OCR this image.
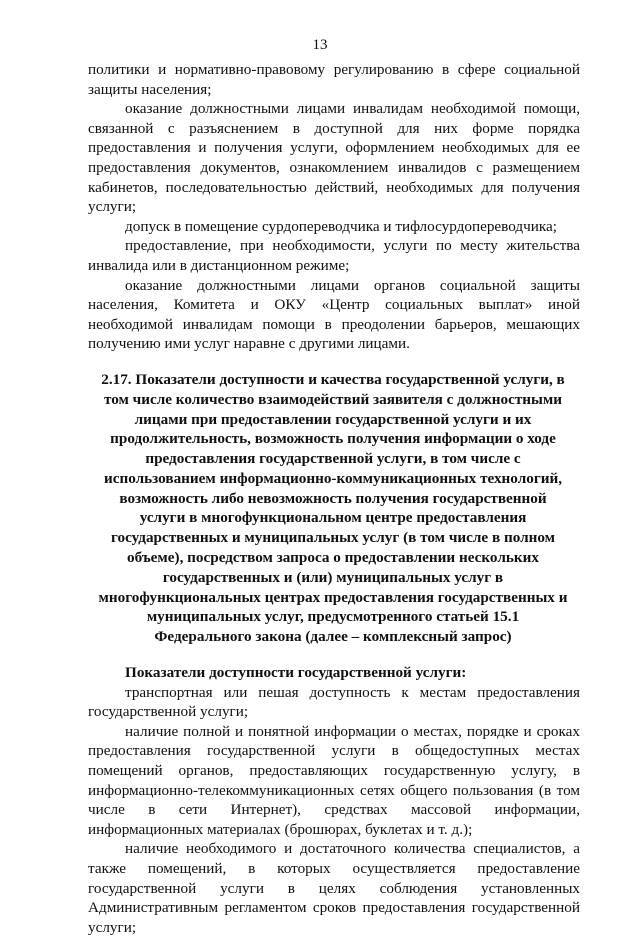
13

политики и нормативно-правовому регулированию в сфере социальной защиты населения;

оказание должностными лицами инвалидам необходимой помощи, связанной с разъяснением в доступной для них форме порядка предоставления и получения услуги, оформлением необходимых для ее предоставления документов, ознакомлением инвалидов с размещением кабинетов, последовательностью действий, необходимых для получения услуги;

допуск в помещение сурдопереводчика и тифлосурдопереводчика;

предоставление, при необходимости, услуги по месту жительства инвалида или в дистанционном режиме;

оказание должностными лицами органов социальной защиты населения, Комитета и ОКУ «Центр социальных выплат» иной необходимой инвалидам помощи в преодолении барьеров, мешающих получению ими услуг наравне с другими лицами.

2.17. Показатели доступности и качества государственной услуги, в том числе количество взаимодействий заявителя с должностными лицами при предоставлении государственной услуги и их продолжительность, возможность получения информации о ходе предоставления государственной услуги, в том числе с использованием информационно-коммуникационных технологий, возможность либо невозможность получения государственной услуги в многофункциональном центре предоставления государственных и муниципальных услуг (в том числе в полном объеме), посредством запроса о предоставлении нескольких государственных и (или) муниципальных услуг в многофункциональных центрах предоставления государственных и муниципальных услуг, предусмотренного статьей 15.1 Федерального закона (далее – комплексный запрос)

Показатели доступности государственной услуги:

транспортная или пешая доступность к местам предоставления государственной услуги;

наличие полной и понятной информации о местах, порядке и сроках предоставления государственной услуги в общедоступных местах помещений органов, предоставляющих государственную услугу, в информационно-телекоммуникационных сетях общего пользования (в том числе в сети Интернет), средствах массовой информации, информационных материалах (брошюрах, буклетах и т. д.);

наличие необходимого и достаточного количества специалистов, а также помещений, в которых осуществляется предоставление государственной услуги в целях соблюдения установленных Административным регламентом сроков предоставления государственной услуги;
